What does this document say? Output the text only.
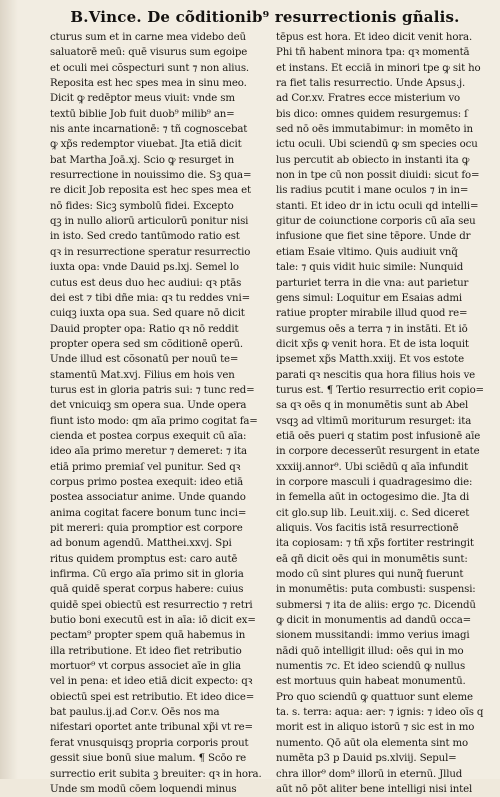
B.Vince. De cõditionib⁹ resurrectionis gñalis.
cturus sum et in carne mea videbo deū
saluatorē meū: quē visurus sum egoipe
et oculi mei cõspecturi sunt ⁊ non alius.
Reposita est hec spes mea in sinu meo.
Dicit ꝙ redēptor meus viuit: vnde sm
textū biblie Job fuit duob⁹ milib⁹ an=
nis ante incarnationē: ⁊ tñ cognoscebat
ꝙ xp̃s redemptor viuebat. Jta etiā dicit
bat Martha Joā.xj. Scio ꝙ resurget in
resurrectione in nouissimo die. Sꝫ qua=
re dicit Job reposita est hec spes mea et
nō fides: Sicꝫ symbolū fidei. Excepto
qꝫ in nullo aliorū articulorū ponitur nisi
in isto. Sed credo tantūmodo ratio est
qꝛ in resurrectione speratur resurrectio
iuxta opa: vnde Dauid ps.lxj. Semel lo
cutus est deus duo hec audiui: qꝛ ptās
dei est ⁊ tibi dñe mia: qꝛ tu reddes vni=
cuiqꝫ iuxta opa sua. Sed quare nō dicit
Dauid propter opa: Ratio qꝛ nō reddit
propter opera sed sm cõditionē operū.
Unde illud est cõsonatū per nouū te=
stamentū Mat.xvj. Filius em hois ven
turus est in gloria patris sui: ⁊ tunc red=
det vnicuiqꝫ sm opera sua. Unde opera
fiunt isto modo: qm aīa primo cogitat fa=
cienda et postea corpus exequit cū aīa:
ideo aīa primo meretur ⁊ demeret: ⁊ ita
etiā primo premiaſ vel punitur. Sed qꝛ
corpus primo postea exequit: ideo etiā
postea associatur anime. Unde quando
anima cogitat facere bonum tunc inci=
pit mereri: quia promptior est corpore
ad bonum agendū. Matthei.xxvj. Spi
ritus quidem promptus est: caro autē
infirma. Cū ergo aīa primo sit in gloria
quā quidē sperat corpus habere: cuius
quidē spei obiectū est resurrectio ⁊ retri
butio boni executū est in aīa: iō dicit ex=
pectam⁹ propter spem quā habemus in
illa retributione. Et ideo fiet retributio
mortuor⁹ vt corpus associet aīe in glia
vel in pena: et ideo etiā dicit expecto: qꝛ
obiectū spei est retributio. Et ideo dice=
bat paulus.ij.ad Cor.v. Oēs nos ma
nifestari oportet ante tribunal xp̃i vt re=
ferat vnusquisqꝫ propria corporis prout
gessit siue bonū siue malum. ¶ Scōo re
surrectio erit subita ꝫ breuiter: qꝛ in hora.
Unde sm modū cōem loquendi minus
tēpus est hora. Et ideo dicit venit hora.
Phi tñ habent minora tpa: qꝛ momentā
et instans. Et ecciā in minori tpe ꝙ sit ho
ra fiet talis resurrectio. Unde Apsus.j.
ad Cor.xv. Fratres ecce misterium vo
bis dico: omnes quidem resurgemus: ſ
sed nō oēs immutabimur: in momēto in
ictu oculi. Ubi sciendū ꝙ sm species ocu
lus percutit ab obiecto in instanti ita ꝙ
non in tpe cū non possit diuidi: sicut fo=
lis radius pcutit i mane oculos ⁊ in in=
stanti. Et ideo dr in ictu oculi qd intelli=
gitur de coiunctione corporis cū aīa seu
infusione que fiet sine tēpore. Unde dr
etiam Esaie vltimo. Quis audiuit vnq̃
tale: ⁊ quis vidit huic simile: Nunquid
parturiet terra in die vna: aut parietur
gens simul: Loquitur em Esaias admi
ratiue propter mirabile illud quod re=
surgemus oēs a terra ⁊ in instāti. Et iō
dicit xp̃s ꝙ venit hora. Et de ista loquit
ipsemet xp̃s Matth.xxiij. Et vos estote
parati qꝛ nescitis qua hora filius hois ve
turus est. ¶ Tertio resurrectio erit copio=
sa qꝛ oēs q in monumētis sunt ab Abel
vsqꝫ ad vltimū moriturum resurget: ita
etiā oēs pueri q statim post infusionē aīe
in corpore decesserūt resurgent in etate
xxxiij.annor⁹. Ubi sciēdū q aīa infundit
in corpore masculi i quadragesimo die:
in femella aūt in octogesimo die. Jta di
cit glo.sup lib. Leuit.xiij. c. Sed diceret
aliquis. Vos facitis istā resurrectionē
ita copiosam: ⁊ tñ xp̃s fortiter restringit
eā qñ dicit oēs qui in monumētis sunt:
modo cū sint plures qui nunq̃ fuerunt
in monumētis: puta combusti: suspensi:
submersi ⁊ ita de aliis: ergo ⁊c. Dicendū
ꝙ dicit in monumentis ad dandū occa=
sionem mussitandi: immo verius imagi
nādi quō intelligit illud: oēs qui in mo
numentis ⁊c. Et ideo sciendū ꝙ nullus
est mortuus quin habeat monumentū.
Pro quo sciendū ꝙ quattuor sunt eleme
ta. s. terra: aqua: aer: ⁊ ignis: ⁊ ideo oīs q
morit est in aliquo istorū ⁊ sic est in mo
numento. Qō aūt ola elementa sint mo
numēta p3 p Dauid ps.xlviij. Sepul=
chra illor⁹ dom⁹ illorū in eternū. Jllud
aūt nō pōt aliter bene intelligi nisi intel
